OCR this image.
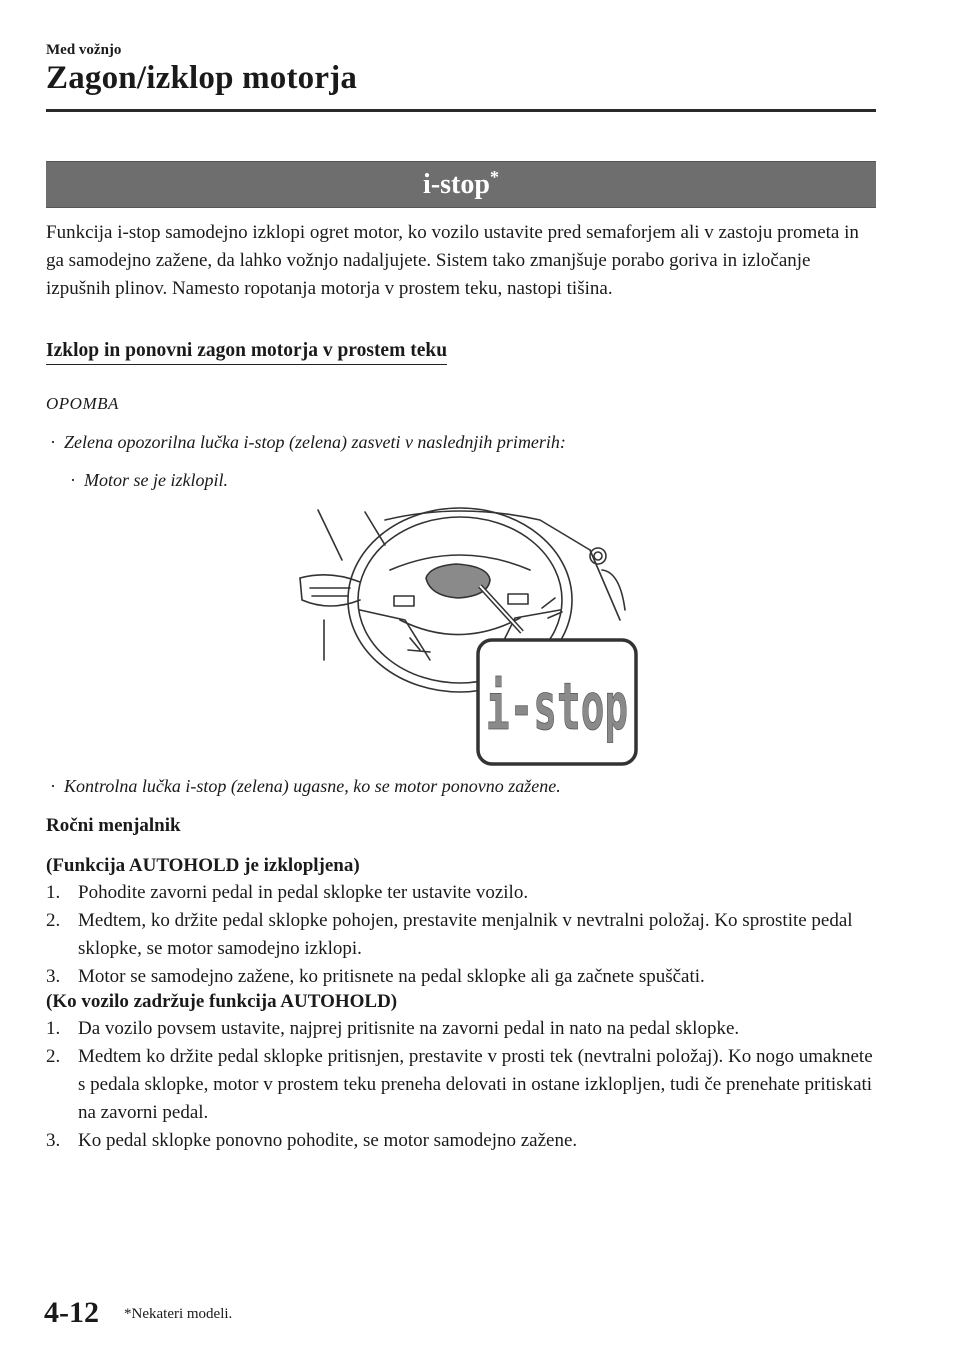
Med vožnjo
Zagon/izklop motorja
i-stop*
Funkcija i-stop samodejno izklopi ogret motor, ko vozilo ustavite pred semaforjem ali v zastoju prometa in ga samodejno zažene, da lahko vožnjo nadaljujete. Sistem tako zmanjšuje porabo goriva in izločanje izpušnih plinov. Namesto ropotanja motorja v prostem teku, nastopi tišina.
Izklop in ponovni zagon motorja v prostem teku
OPOMBA
· Zelena opozorilna lučka i-stop (zelena) zasveti v naslednjih primerih:
· Motor se je izklopil.
i-stop
· Kontrolna lučka i-stop (zelena) ugasne, ko se motor ponovno zažene.
Ročni menjalnik
(Funkcija AUTOHOLD je izklopljena)
1. Pohodite zavorni pedal in pedal sklopke ter ustavite vozilo.
2. Medtem, ko držite pedal sklopke pohojen, prestavite menjalnik v nevtralni položaj. Ko sprostite pedal sklopke, se motor samodejno izklopi.
3. Motor se samodejno zažene, ko pritisnete na pedal sklopke ali ga začnete spuščati.
(Ko vozilo zadržuje funkcija AUTOHOLD)
1. Da vozilo povsem ustavite, najprej pritisnite na zavorni pedal in nato na pedal sklopke.
2. Medtem ko držite pedal sklopke pritisnjen, prestavite v prosti tek (nevtralni položaj). Ko nogo umaknete s pedala sklopke, motor v prostem teku preneha delovati in ostane izklopljen, tudi če prenehate pritiskati na zavorni pedal.
3. Ko pedal sklopke ponovno pohodite, se motor samodejno zažene.
4-12 *Nekateri modeli.
